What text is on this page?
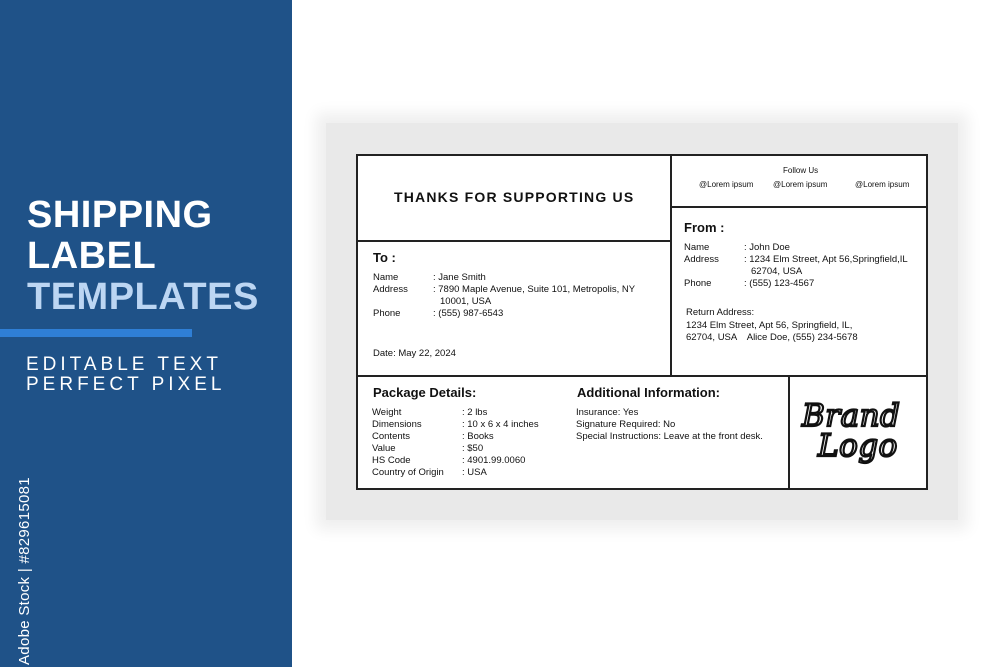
SHIPPING
LABEL
TEMPLATES
EDITABLE TEXT
PERFECT PIXEL
Adobe Stock | #829615081
THANKS FOR SUPPORTING US
Follow Us
@Lorem ipsum @Lorem ipsum	@Lorem ipsum
To :
Name	: Jane Smith
Address	: 7890 Maple Avenue, Suite 101, Metropolis, NY
10001, USA
Phone	: (555) 987-6543
Date: May 22, 2024
From :
Name	: John Doe
Address	: 1234 Elm Street, Apt 56,Springfield,IL
62704, USA
Phone	: (555) 123-4567
Return Address:
1234 Elm Street, Apt 56, Springfield, IL,
62704, USA    Alice Doe, (555) 234-5678
Package Details:
Weight	: 2 lbs
Dimensions	: 10 x 6 x 4 inches
Contents	: Books
Value	: $50
HS Code	: 4901.99.0060
Country of Origin : USA
Additional Information:
Insurance: Yes
Signature Required: No
Special Instructions: Leave at the front desk.
Brand
Logo
